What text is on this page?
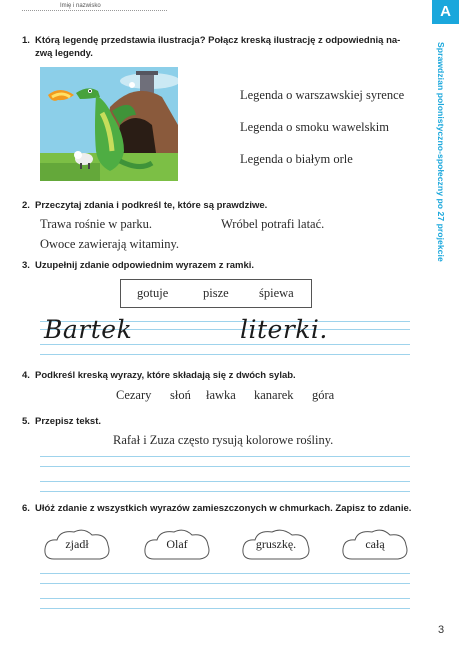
Imię i nazwisko	A
Sprawdzian polonistyczno-społeczny po 27 projekcie
1. Którą legendę przedstawia ilustracja? Połącz kreską ilustrację z odpowiednią na-
zwą legendy.
Legenda o warszawskiej syrence
Legenda o smoku wawelskim
Legenda o białym orle
2. Przeczytaj zdania i podkreśl te, które są prawdziwe.
Trawa rośnie w parku.	Wróbel potrafi latać.
Owoce zawierają witaminy.
3. Uzupełnij zdanie odpowiednim wyrazem z ramki.
gotuje	pisze śpiewa
Bartek	literki.
4. Podkreśl kreską wyrazy, które składają się z dwóch sylab.
Cezary słoń ławka kanarek góra
5. Przepisz tekst.
Rafał i Zuza często rysują kolorowe rośliny.
6. Ułóż zdanie z wszystkich wyrazów zamieszczonych w chmurkach. Zapisz to zdanie.
zjadł	Olaf	gruszkę.	całą
3
